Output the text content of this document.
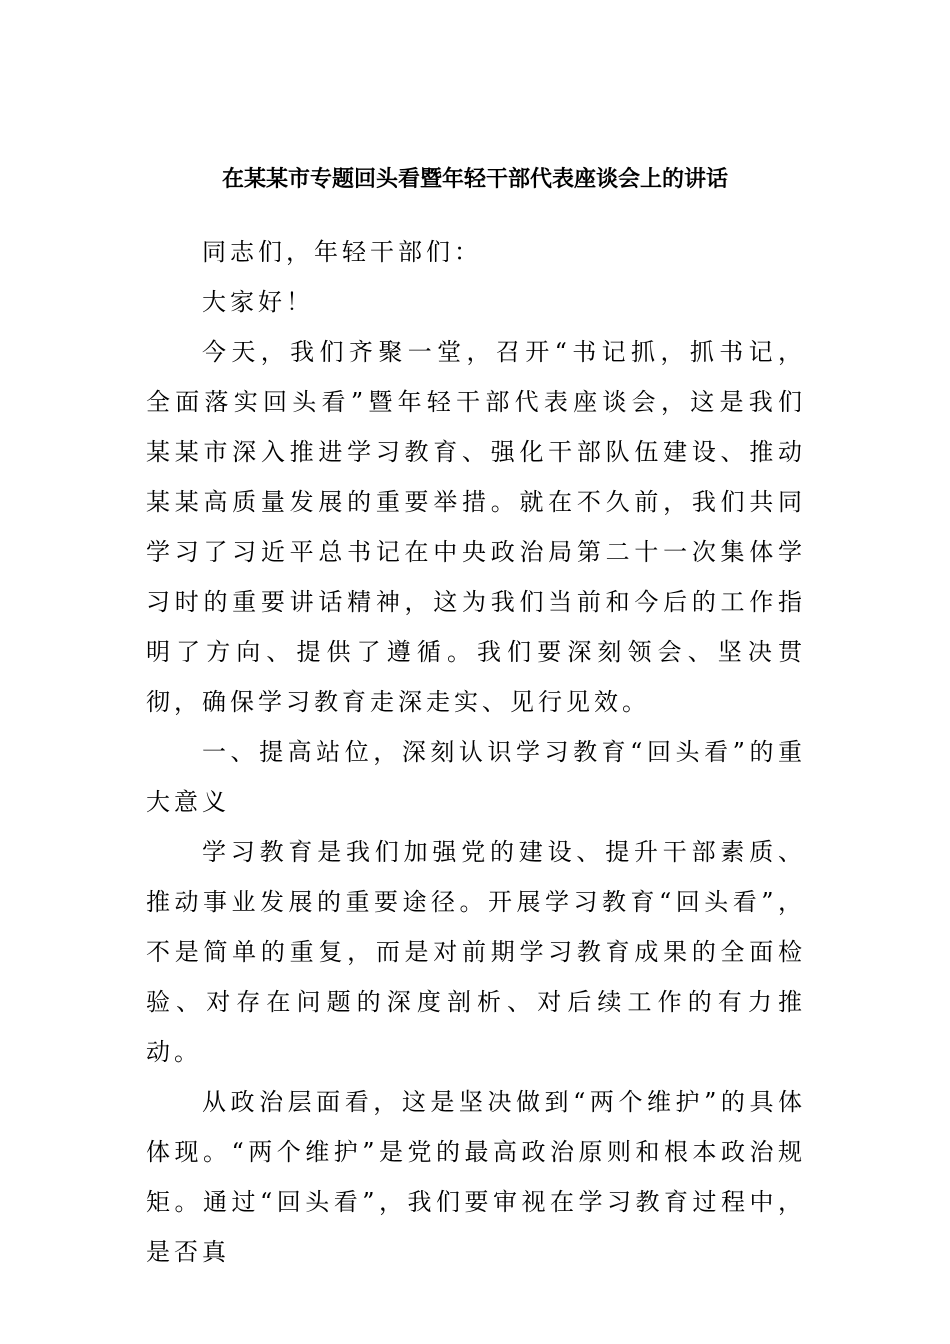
在某某市专题回头看暨年轻干部代表座谈会上的讲话

同志们，年轻干部们：

大家好！

今天，我们齐聚一堂，召开“书记抓，抓书记，全面落实回头看”暨年轻干部代表座谈会，这是我们某某市深入推进学习教育、强化干部队伍建设、推动某某高质量发展的重要举措。就在不久前，我们共同学习了习近平总书记在中央政治局第二十一次集体学习时的重要讲话精神，这为我们当前和今后的工作指明了方向、提供了遵循。我们要深刻领会、坚决贯彻，确保学习教育走深走实、见行见效。

一、提高站位，深刻认识学习教育“回头看”的重大意义

学习教育是我们加强党的建设、提升干部素质、推动事业发展的重要途径。开展学习教育“回头看”，不是简单的重复，而是对前期学习教育成果的全面检验、对存在问题的深度剖析、对后续工作的有力推动。

从政治层面看，这是坚决做到“两个维护”的具体体现。“两个维护”是党的最高政治原则和根本政治规矩。通过“回头看”，我们要审视在学习教育过程中，是否真
